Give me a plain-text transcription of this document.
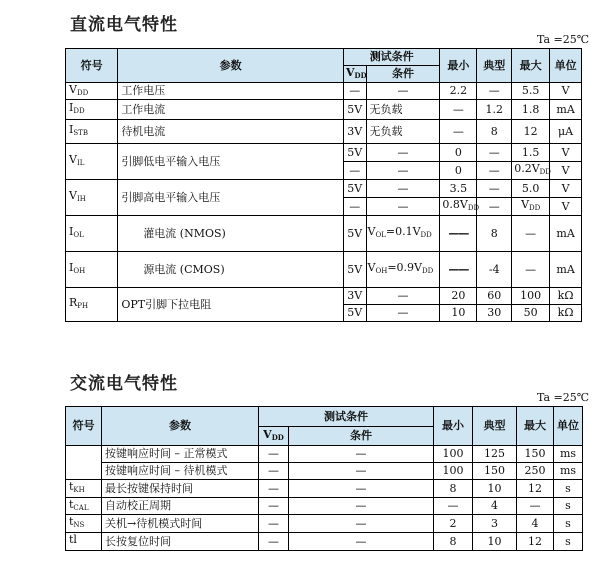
直流电气特性
Ta =25℃
符号	参数	测试条件		最小	典型	最大	单位
		$V_{DD}$	条件				
$V_{DD}$	工作电压	—	—	2.2	—	5.5	V
$I_{DD}$	工作电流	5V	无负载	—	1.2	1.8	mA
$I_{STB}$	待机电流	3V	无负载	—	8	12	μA
$V_{IL}$	引脚低电平输入电压	5V	—	0	—	1.5	V
		—	—	0	—	$0.2V_{DD}$	V
$V_{IH}$	引脚高电平输入电压	5V	—	3.5	—	5.0	V
		—	—	$0.8V_{DD}$	—	$V_{DD}$	V
$I_{OL}$	灌电流 (NMOS)	5V	$V_{OL}=0.1V_{DD}$	——	8	—	mA
$I_{OH}$	源电流 (CMOS)	5V	$V_{OH}=0.9V_{DD}$	——	-4	—	mA
$R_{PH}$	OPT引脚下拉电阻	3V	—	20	60	100	kΩ
		5V	—	10	30	50	kΩ
交流电气特性
Ta =25℃
符号	参数	测试条件		最小	典型	最大	单位
		$V_{DD}$	条件				
	按键响应时间 – 正常模式	—	—	100	125	150	ms
	按键响应时间 – 待机模式	—	—	100	150	250	ms
$t_{KH}$	最长按键保持时间	—	—	8	10	12	s
$t_{CAL}$	自动校正周期	—	—	—	4	—	s
$t_{NS}$	关机→待机模式时间	—	—	2	3	4	s
tl	长按复位时间	—	—	8	10	12	s
